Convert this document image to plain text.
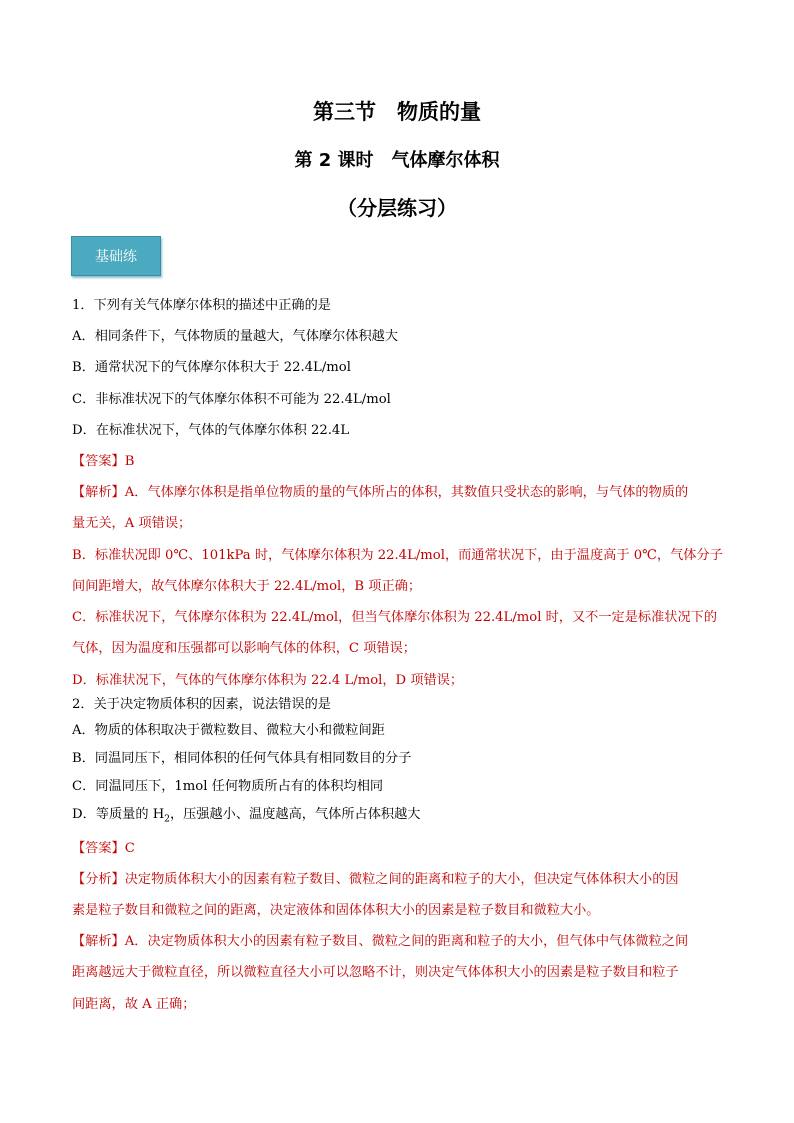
第三节　物质的量
第 2 课时　气体摩尔体积
（分层练习）
基础练
1．下列有关气体摩尔体积的描述中正确的是
A．相同条件下，气体物质的量越大，气体摩尔体积越大
B．通常状况下的气体摩尔体积大于 22.4L/mol
C．非标准状况下的气体摩尔体积不可能为 22.4L/mol
D．在标准状况下，气体的气体摩尔体积 22.4L
【答案】B
【解析】A．气体摩尔体积是指单位物质的量的气体所占的体积，其数值只受状态的影响，与气体的物质的
量无关，A 项错误；
B．标准状况即 0℃、101kPa 时，气体摩尔体积为 22.4L/mol，而通常状况下，由于温度高于 0℃，气体分子
间间距增大，故气体摩尔体积大于 22.4L/mol，B 项正确；
C．标准状况下，气体摩尔体积为 22.4L/mol，但当气体摩尔体积为 22.4L/mol 时，又不一定是标准状况下的
气体，因为温度和压强都可以影响气体的体积，C 项错误；
D．标准状况下，气体的气体摩尔体积为 22.4 L/mol，D 项错误；
2．关于决定物质体积的因素，说法错误的是
A．物质的体积取决于微粒数目、微粒大小和微粒间距
B．同温同压下，相同体积的任何气体具有相同数目的分子
C．同温同压下，1mol 任何物质所占有的体积均相同
D．等质量的 $H_2$，压强越小、温度越高，气体所占体积越大
【答案】C
【分析】决定物质体积大小的因素有粒子数目、微粒之间的距离和粒子的大小，但决定气体体积大小的因
素是粒子数目和微粒之间的距离，决定液体和固体体积大小的因素是粒子数目和微粒大小。
【解析】A．决定物质体积大小的因素有粒子数目、微粒之间的距离和粒子的大小，但气体中气体微粒之间
距离越远大于微粒直径，所以微粒直径大小可以忽略不计，则决定气体体积大小的因素是粒子数目和粒子
间距离，故 A 正确；
